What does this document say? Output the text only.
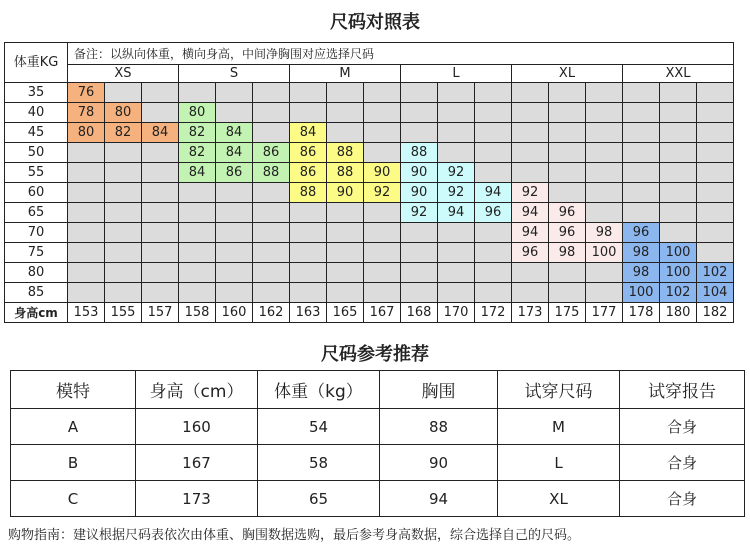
尺码对照表
体重KG	备注：以纵向体重，横向身高，中间净胸围对应选择尺码																	
	XS			S			M			L			XL			XXL		
35	76																	
40	78	80		80														
45	80	82	84	82	84		84											
50				82	84	86	86	88		88								
55				84	86	88	86	88	90	90	92							
60							88	90	92	90	92	94	92					
65										92	94	96	94	96				
70													94	96	98	96		
75													96	98	100	98	100	
80																98	100	102
85																100	102	104
身高cm	153	155	157	158	160	162	163	165	167	168	170	172	173	175	177	178	180	182
尺码参考推荐
模特	身高（cm）	体重（kg）	胸围	试穿尺码	试穿报告
A	160	54	88	M	合身
B	167	58	90	L	合身
C	173	65	94	XL	合身
购物指南：建议根据尺码表依次由体重、胸围数据选购，最后参考身高数据，综合选择自己的尺码。
